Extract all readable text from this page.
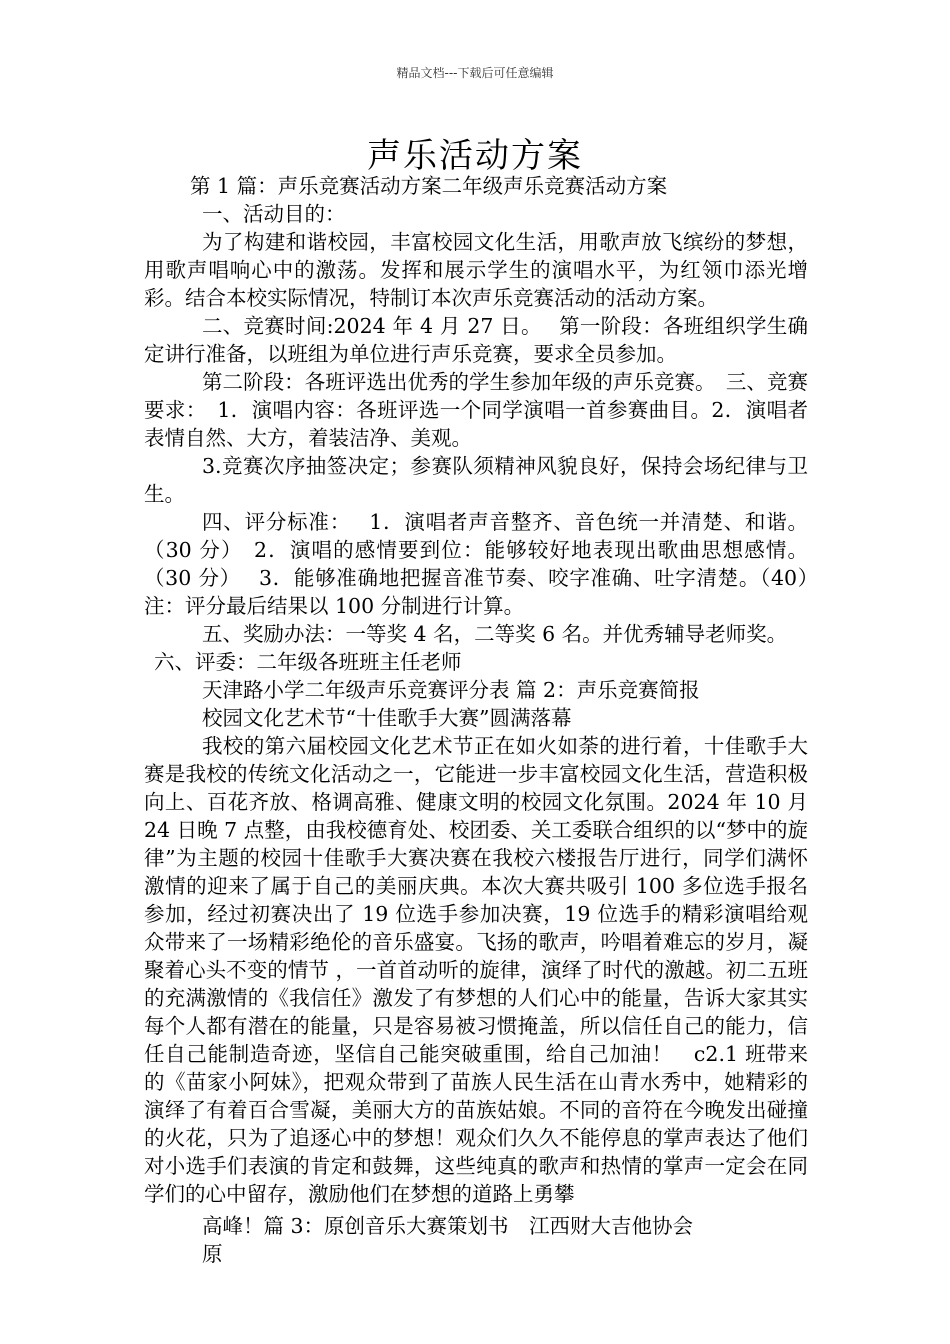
精品文档---下载后可任意编辑
声乐活动方案

第 1 篇：声乐竞赛活动方案二年级声乐竞赛活动方案

一、活动目的：

为了构建和谐校园，丰富校园文化生活，用歌声放飞缤纷的梦想，用歌声唱响心中的激荡。发挥和展示学生的演唱水平，为红领巾添光增彩。结合本校实际情况，特制订本次声乐竞赛活动的活动方案。

二、竞赛时间:2024 年 4 月 27 日。　 第一阶段：各班组织学生确定讲行准备，以班组为单位进行声乐竞赛，要求全员参加。

第二阶段：各班评选出优秀的学生参加年级的声乐竞赛。　三、竞赛要求：　1．演唱内容：各班评选一个同学演唱一首参赛曲目。2．演唱者表情自然、大方，着装洁净、美观。

3.竞赛次序抽签决定；参赛队须精神风貌良好，保持会场纪律与卫生。

四、评分标准：　 1．演唱者声音整齐、音色统一并清楚、和谐。（30 分）　2．演唱的感情要到位：能够较好地表现出歌曲思想感情。（30 分）　 3．能够准确地把握音准节奏、咬字准确、吐字清楚。（40）　注：评分最后结果以 100 分制进行计算。

五、奖励办法：一等奖 4 名，二等奖 6 名。并优秀辅导老师奖。

六、评委：二年级各班班主任老师

天津路小学二年级声乐竞赛评分表 篇 2：声乐竞赛简报

校园文化艺术节“十佳歌手大赛”圆满落幕

我校的第六届校园文化艺术节正在如火如荼的进行着，十佳歌手大赛是我校的传统文化活动之一，它能进一步丰富校园文化生活，营造积极向上、百花齐放、格调高雅、健康文明的校园文化氛围。2024 年 10 月 24 日晚 7 点整，由我校德育处、校团委、关工委联合组织的以“梦中的旋律”为主题的校园十佳歌手大赛决赛在我校六楼报告厅进行，同学们满怀激情的迎来了属于自己的美丽庆典。本次大赛共吸引 100 多位选手报名参加，经过初赛决出了 19 位选手参加决赛，19 位选手的精彩演唱给观众带来了一场精彩绝伦的音乐盛宴。飞扬的歌声，吟唱着难忘的岁月，凝聚着心头不变的情节 ，一首首动听的旋律，演绎了时代的激越。初二五班的充满激情的《我信任》激发了有梦想的人们心中的能量，告诉大家其实每个人都有潜在的能量，只是容易被习惯掩盖，所以信任自己的能力，信任自己能制造奇迹，坚信自己能突破重围，给自己加油！　c2.1 班带来的《苗家小阿妹》，把观众带到了苗族人民生活在山青水秀中，她精彩的演绎了有着百合雪凝，美丽大方的苗族姑娘。不同的音符在今晚发出碰撞的火花，只为了追逐心中的梦想！观众们久久不能停息的掌声表达了他们对小选手们表演的肯定和鼓舞，这些纯真的歌声和热情的掌声一定会在同学们的心中留存，激励他们在梦想的道路上勇攀

高峰！篇 3：原创音乐大赛策划书　江西财大吉他协会

原
